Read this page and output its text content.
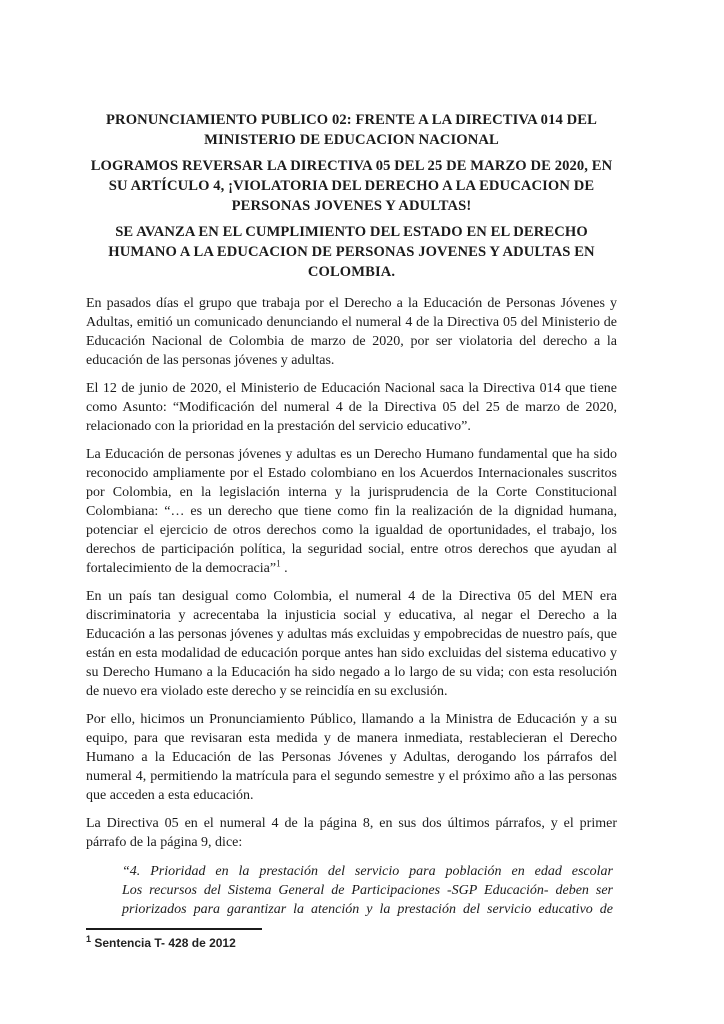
PRONUNCIAMIENTO PUBLICO 02: FRENTE A LA DIRECTIVA 014 DEL MINISTERIO DE EDUCACION NACIONAL
LOGRAMOS REVERSAR LA DIRECTIVA 05 DEL 25 DE MARZO DE 2020, EN SU ARTÍCULO 4, ¡VIOLATORIA DEL DERECHO A LA EDUCACION DE PERSONAS JOVENES Y ADULTAS!
SE AVANZA EN EL CUMPLIMIENTO DEL ESTADO EN EL DERECHO HUMANO A LA EDUCACION DE PERSONAS JOVENES Y ADULTAS EN COLOMBIA.

En pasados días el grupo que trabaja por el Derecho a la Educación de Personas Jóvenes y Adultas, emitió un comunicado denunciando el numeral 4 de la Directiva 05 del Ministerio de Educación Nacional de Colombia de marzo de 2020, por ser violatoria del derecho a la educación de las personas jóvenes y adultas.

El 12 de junio de 2020, el Ministerio de Educación Nacional saca la Directiva 014 que tiene como Asunto: “Modificación del numeral 4 de la Directiva 05 del 25 de marzo de 2020, relacionado con la prioridad en la prestación del servicio educativo”.

La Educación de personas jóvenes y adultas es un Derecho Humano fundamental que ha sido reconocido ampliamente por el Estado colombiano en los Acuerdos Internacionales suscritos por Colombia, en la legislación interna y la jurisprudencia de la Corte Constitucional Colombiana: “… es un derecho que tiene como fin la realización de la dignidad humana, potenciar el ejercicio de otros derechos como la igualdad de oportunidades, el trabajo, los derechos de participación política, la seguridad social, entre otros derechos que ayudan al fortalecimiento de la democracia”$^1$ .

En un país tan desigual como Colombia, el numeral 4 de la Directiva 05 del MEN era discriminatoria y acrecentaba la injusticia social y educativa, al negar el Derecho a la Educación a las personas jóvenes y adultas más excluidas y empobrecidas de nuestro país, que están en esta modalidad de educación porque antes han sido excluidas del sistema educativo y su Derecho Humano a la Educación ha sido negado a lo largo de su vida; con esta resolución de nuevo era violado este derecho y se reincidía en su exclusión.

Por ello, hicimos un Pronunciamiento Público, llamando a la Ministra de Educación y a su equipo, para que revisaran esta medida y de manera inmediata, restablecieran el Derecho Humano a la Educación de las Personas Jóvenes y Adultas, derogando los párrafos del numeral 4, permitiendo la matrícula para el segundo semestre y el próximo año a las personas que acceden a esta educación.

La Directiva 05 en el numeral 4 de la página 8, en sus dos últimos párrafos, y el primer párrafo de la página 9, dice:

“4. Prioridad en la prestación del servicio para población en edad escolar
Los recursos del Sistema General de Participaciones -SGP Educación- deben ser priorizados para garantizar la atención y la prestación del servicio educativo de
$^1$ Sentencia T- 428 de 2012
